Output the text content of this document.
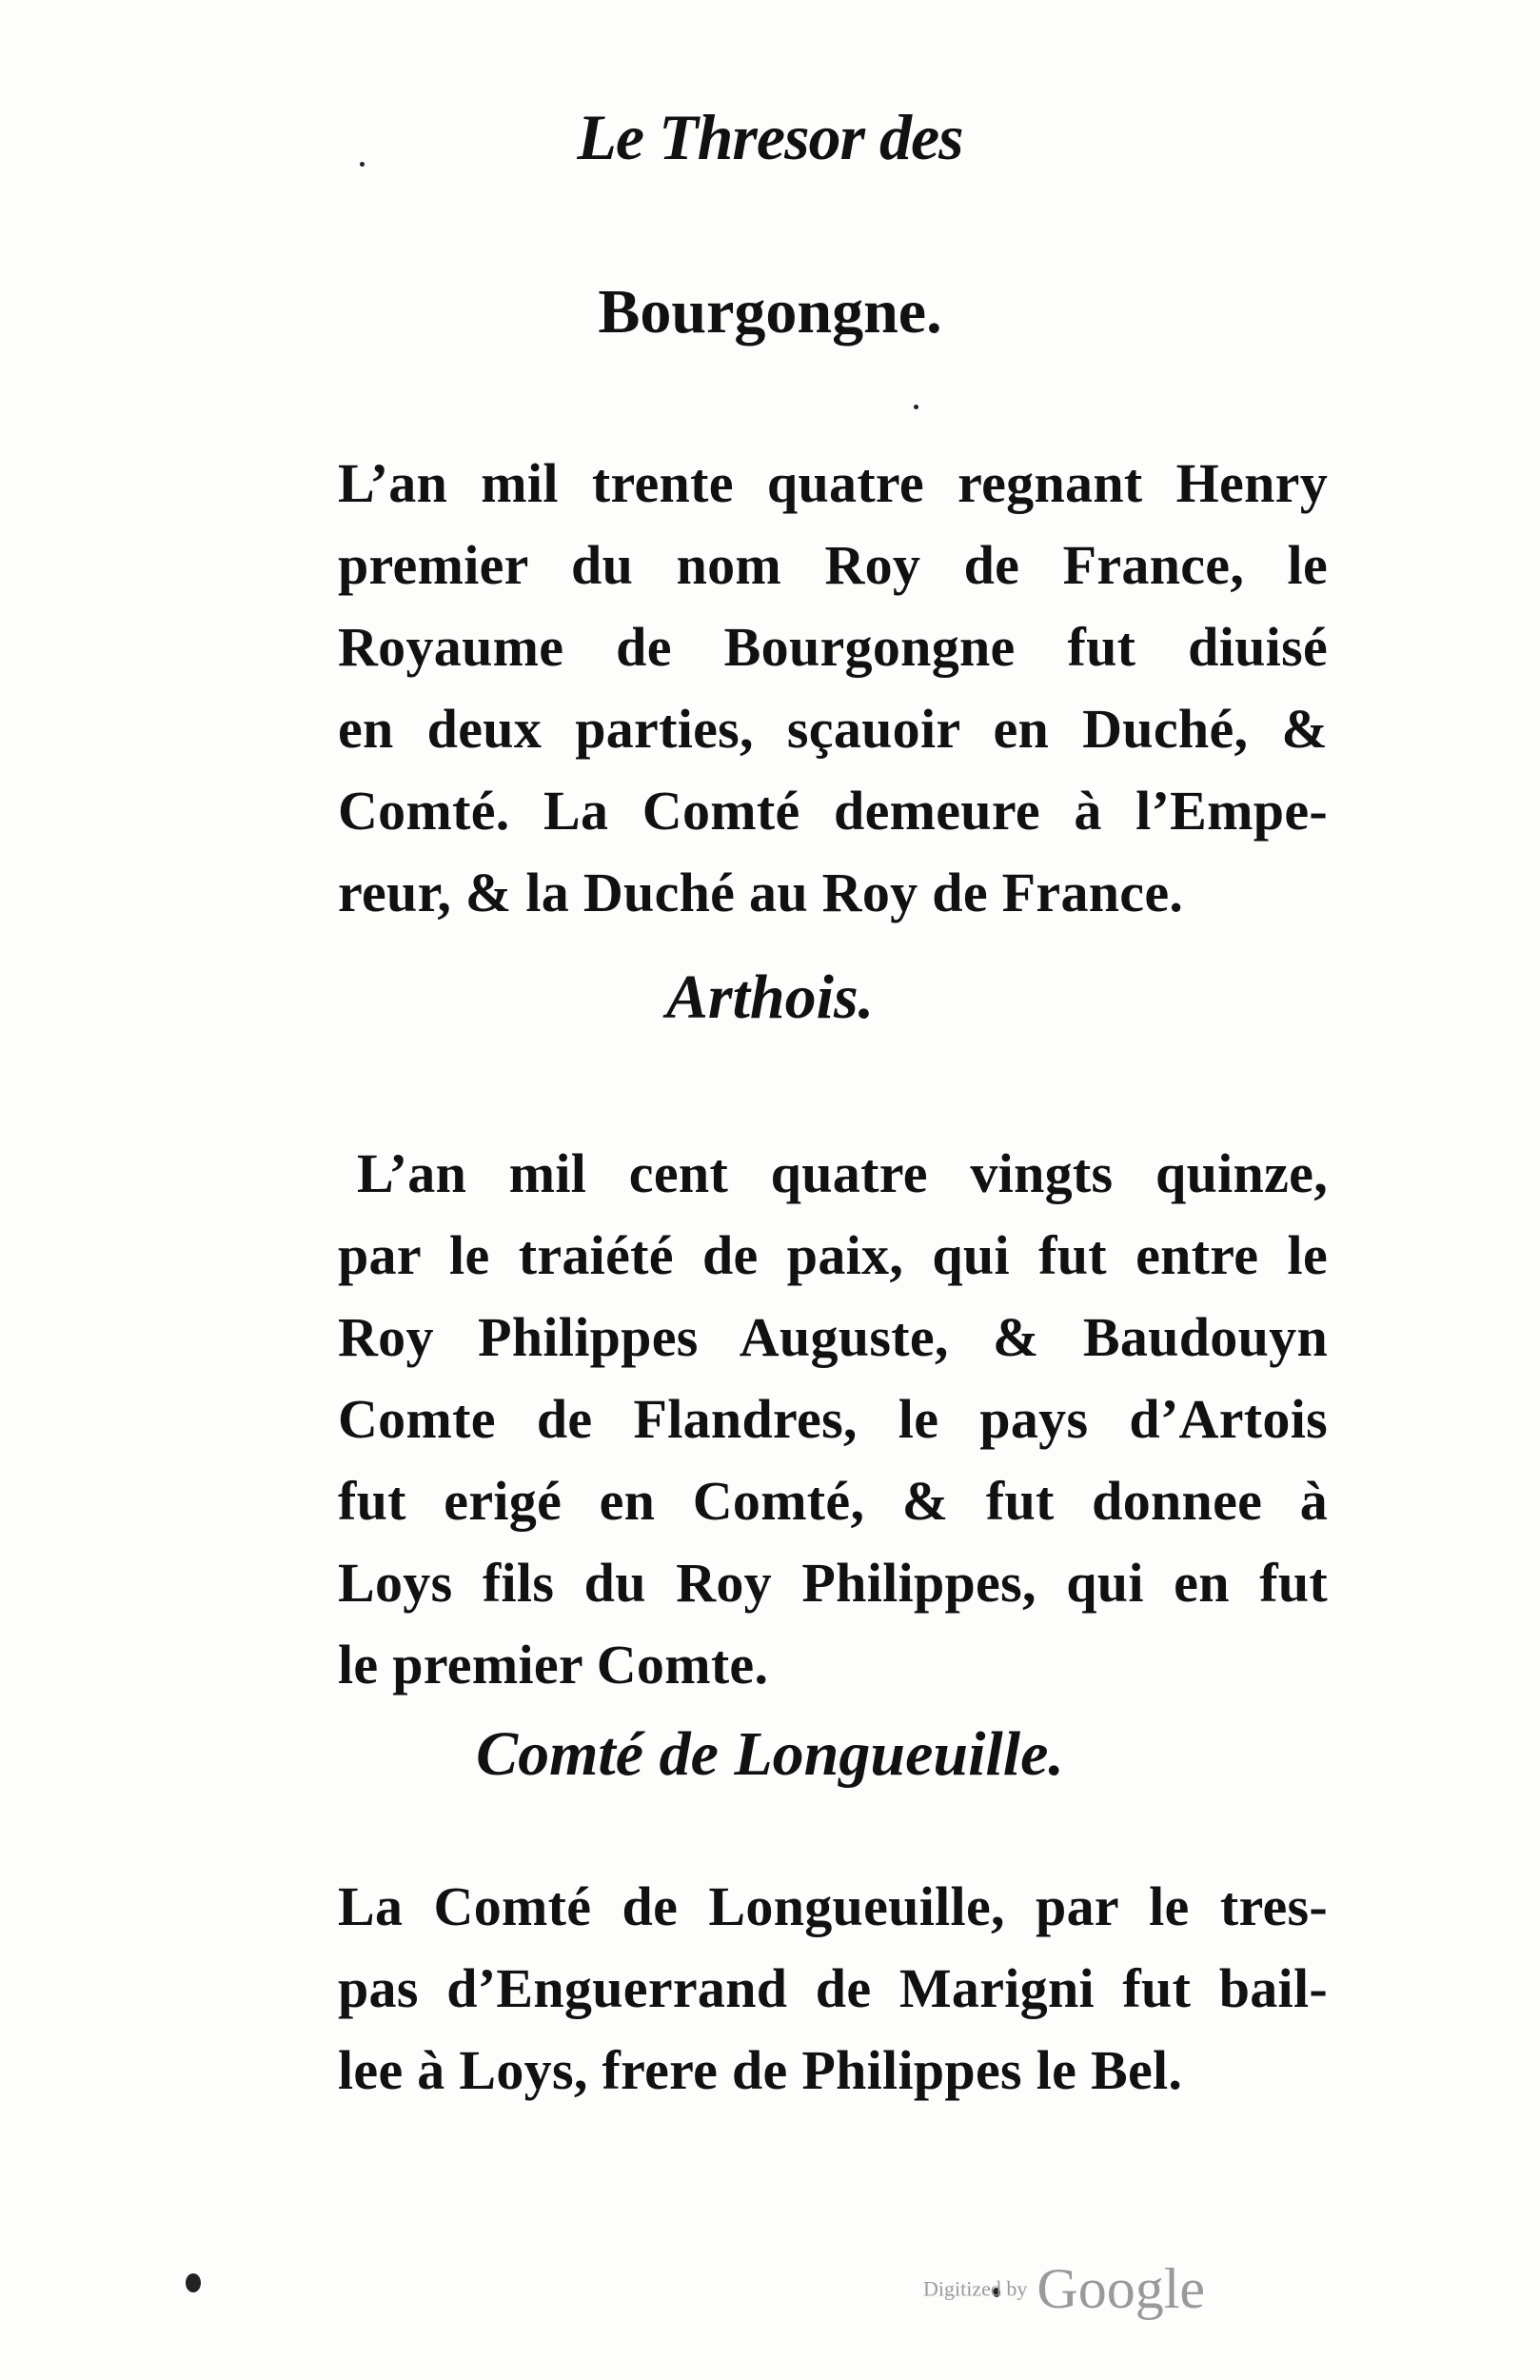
Le Thresor des
Bourgongne.
L’an mil trente quatre regnant Henry
premier du nom Roy de France, le
Royaume de Bourgongne fut diuisé
en deux parties, sçauoir en Duché, &
Comté. La Comté demeure à l’Empe-
reur, & la Duché au Roy de France.
Arthois.
L’an mil cent quatre vingts quinze,
par le traiété de paix, qui fut entre le
Roy Philippes Auguste, & Baudouyn
Comte de Flandres, le pays d’Artois
fut erigé en Comté, & fut donnee à
Loys fils du Roy Philippes, qui en fut
le premier Comte.
Comté de Longueuille.
La Comté de Longueuille, par le tres-
pas d’Enguerrand de Marigni fut bail-
lee à Loys, frere de Philippes le Bel.
Digitized by Google
